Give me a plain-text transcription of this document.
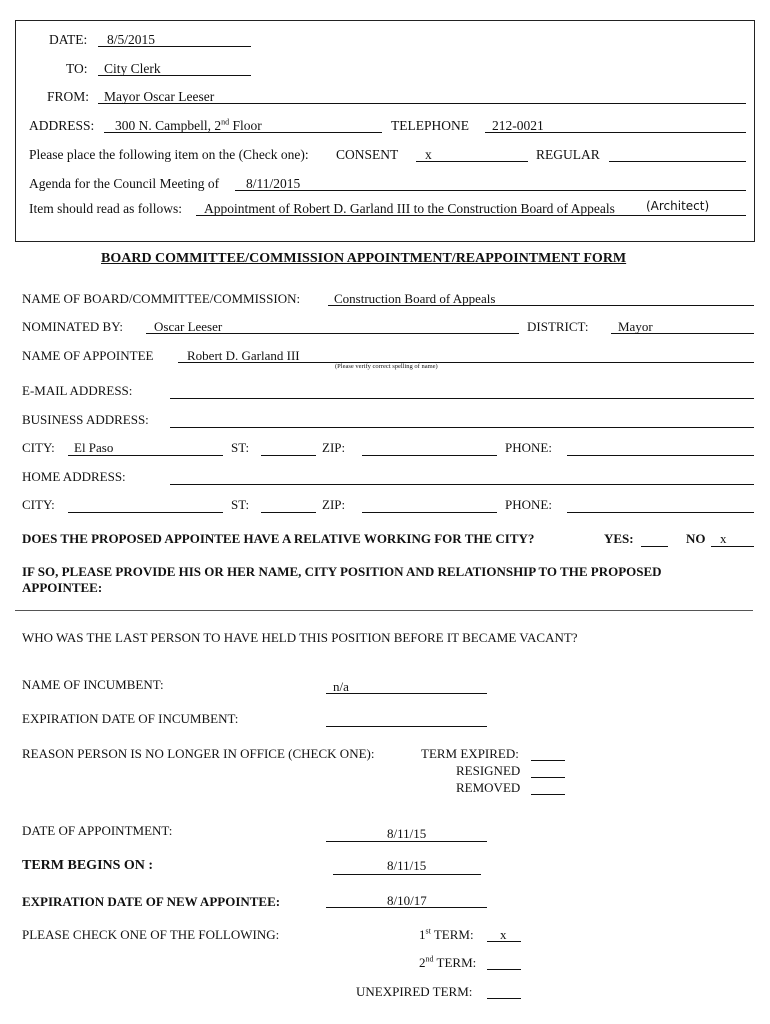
DATE: 8/5/2015
TO: City Clerk
FROM: Mayor Oscar Leeser
ADDRESS: 300 N. Campbell, 2nd Floor	TELEPHONE 212-0021
Please place the following item on the (Check one): CONSENT x	REGULAR
Agenda for the Council Meeting of 8/11/2015
Item should read as follows: Appointment of Robert D. Garland III to the Construction Board of Appeals	(Architect)
BOARD COMMITTEE/COMMISSION APPOINTMENT/REAPPOINTMENT FORM
NAME OF BOARD/COMMITTEE/COMMISSION:	Construction Board of Appeals
NOMINATED BY: Oscar Leeser	DISTRICT: Mayor
NAME OF APPOINTEE	Robert D. Garland III
(Please verify correct spelling of name)
E-MAIL ADDRESS:
BUSINESS ADDRESS:
CITY: El Paso	ST:	ZIP:	PHONE:
HOME ADDRESS:
CITY:	ST:	ZIP:	PHONE:
DOES THE PROPOSED APPOINTEE HAVE A RELATIVE WORKING FOR THE CITY?	YES:	NO x
IF SO, PLEASE PROVIDE HIS OR HER NAME, CITY POSITION AND RELATIONSHIP TO THE PROPOSED
APPOINTEE:
WHO WAS THE LAST PERSON TO HAVE HELD THIS POSITION BEFORE IT BECAME VACANT?
NAME OF INCUMBENT:	n/a
EXPIRATION DATE OF INCUMBENT:
REASON PERSON IS NO LONGER IN OFFICE (CHECK ONE):	TERM EXPIRED:
RESIGNED
REMOVED
DATE OF APPOINTMENT:	8/11/15
TERM BEGINS ON :	8/11/15
EXPIRATION DATE OF NEW APPOINTEE:	8/10/17
PLEASE CHECK ONE OF THE FOLLOWING:	1st TERM: x
2nd TERM:
UNEXPIRED TERM:
